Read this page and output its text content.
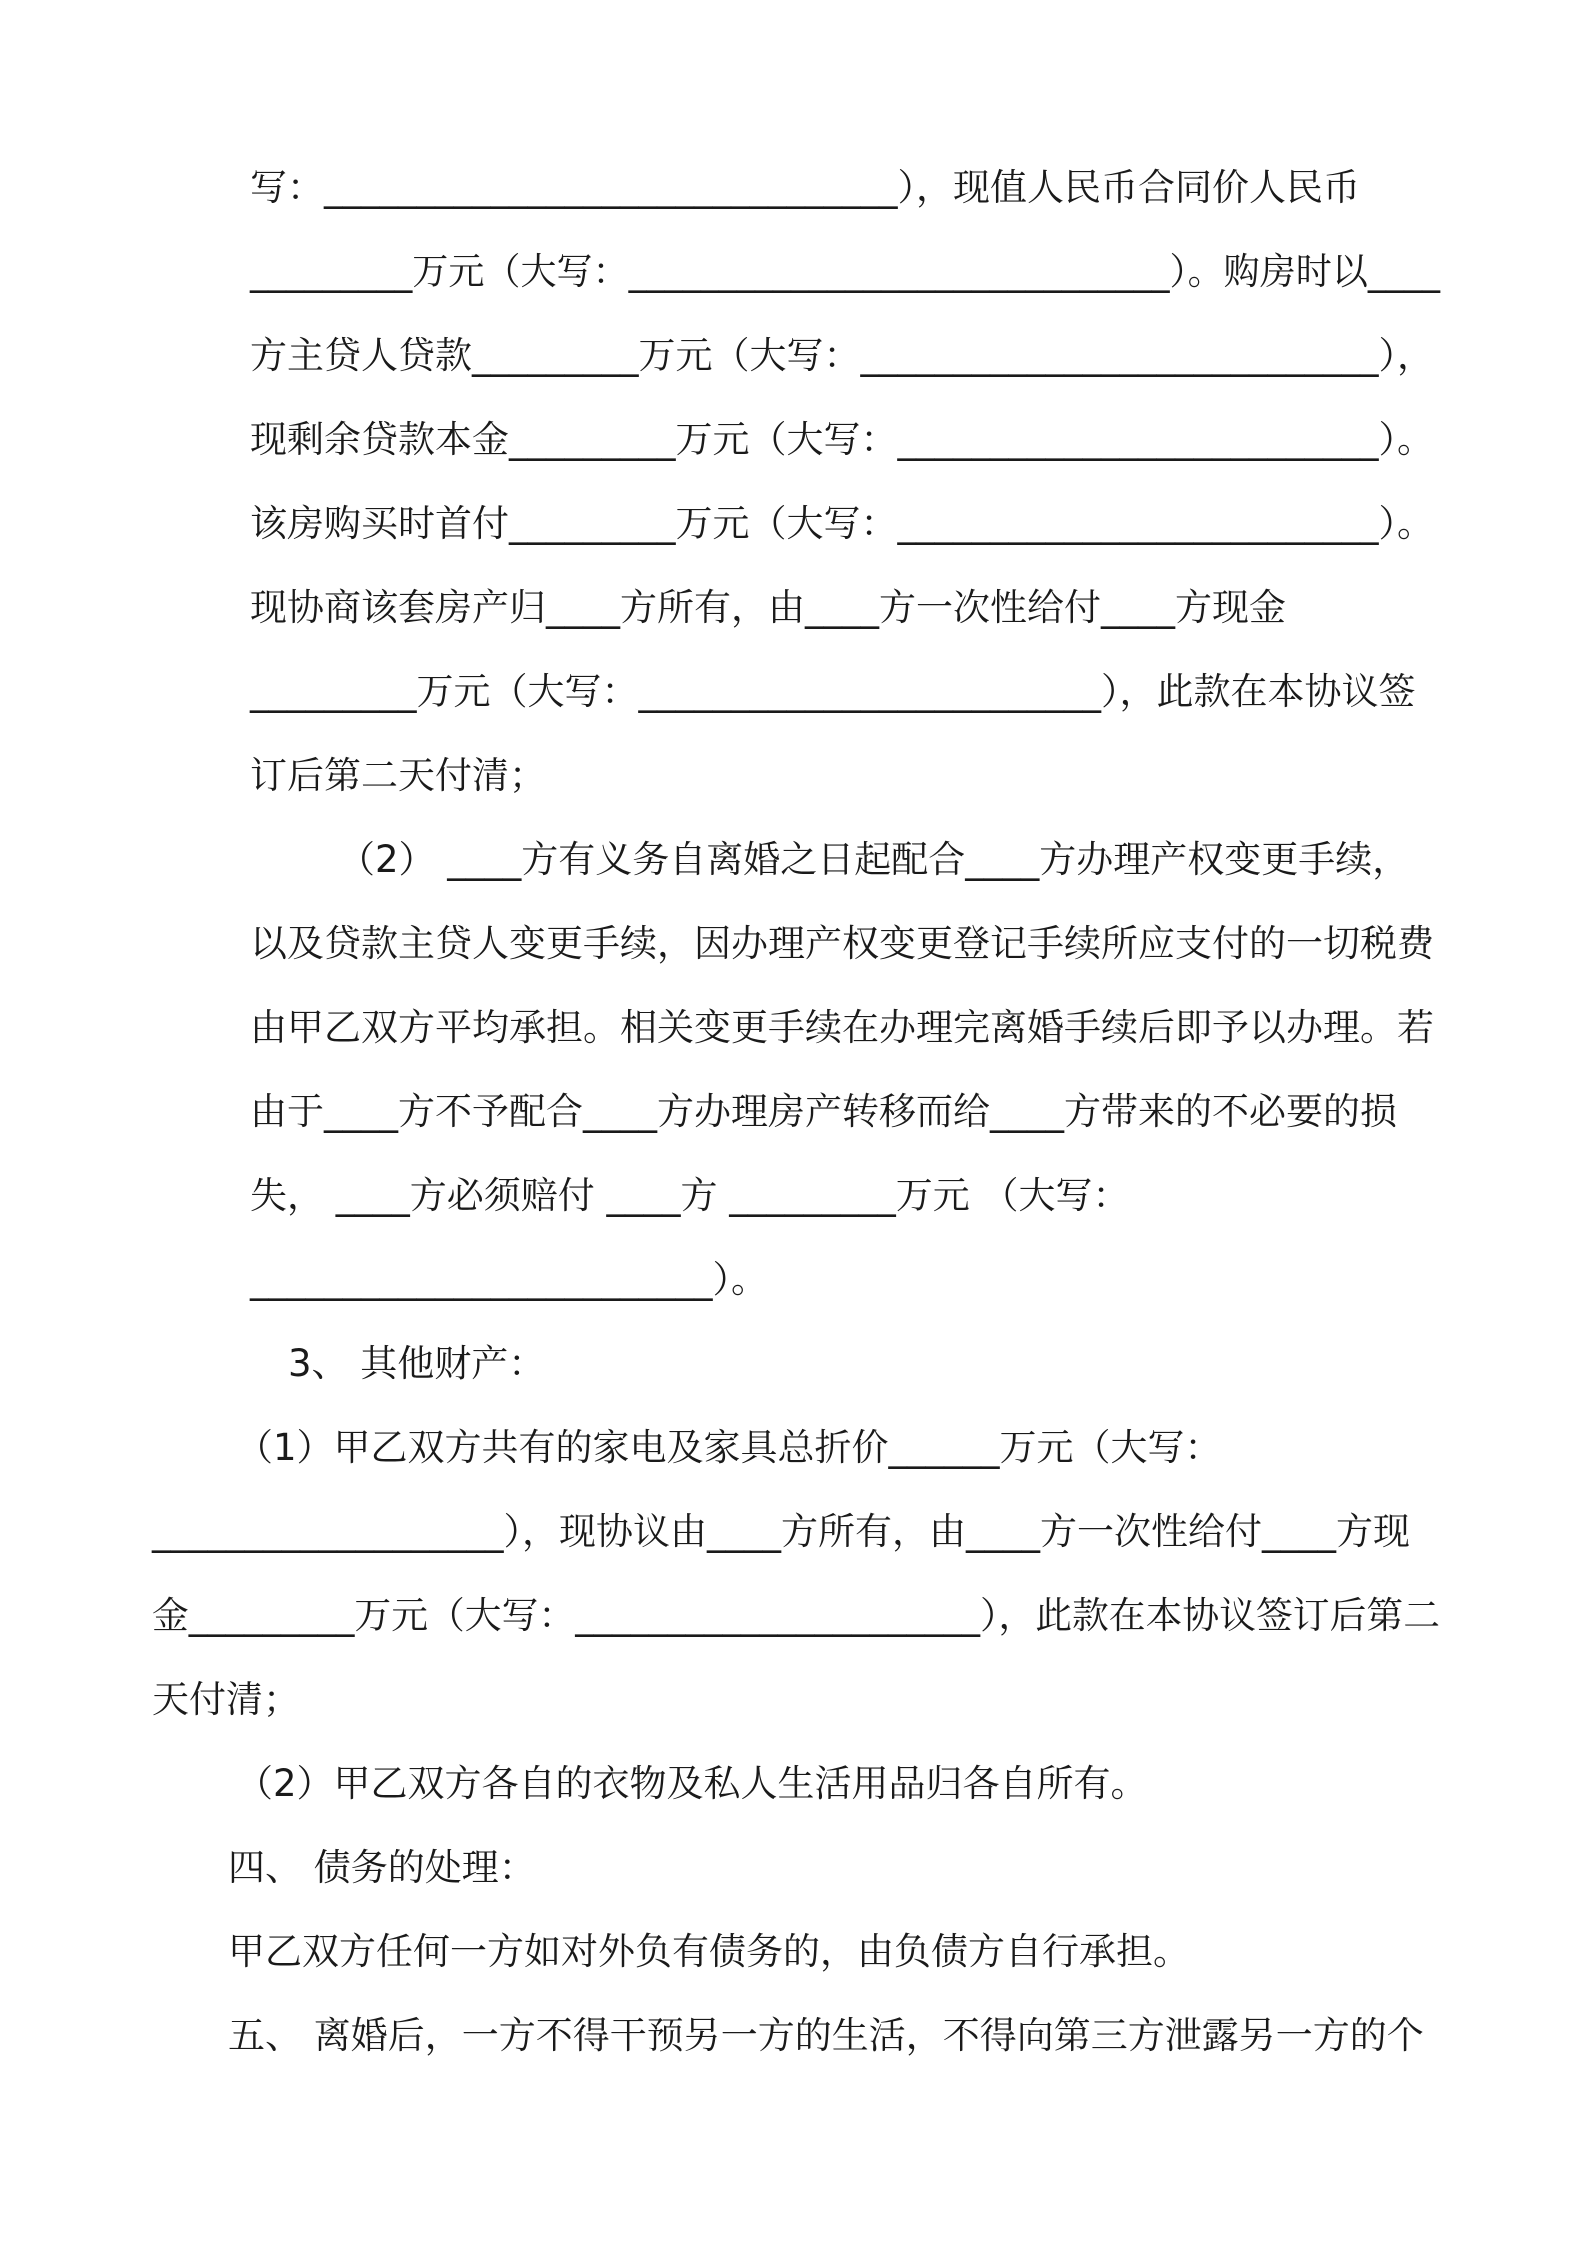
写：_______________________________），现值人民币合同价人民币
_________万元（大写：______________________________）。购房时以____
方主贷人贷款_________万元（大写：____________________________），
现剩余贷款本金_________万元（大写：__________________________）。
该房购买时首付_________万元（大写：__________________________）。
现协商该套房产归____方所有，由____方一次性给付____方现金
_________万元（大写：_________________________），此款在本协议签
订后第二天付清；
（2） ____方有义务自离婚之日起配合____方办理产权变更手续，
以及贷款主贷人变更手续，因办理产权变更登记手续所应支付的一切税费
由甲乙双方平均承担。相关变更手续在办理完离婚手续后即予以办理。若
由于____方不予配合____方办理房产转移而给____方带来的不必要的损
失， ____方必须赔付 ____方 _________万元 （大写：
_________________________）。
3、 其他财产：
（1）甲乙双方共有的家电及家具总折价______万元（大写：
___________________），现协议由____方所有，由____方一次性给付____方现
金_________万元（大写：______________________），此款在本协议签订后第二
天付清；
（2）甲乙双方各自的衣物及私人生活用品归各自所有。
四、 债务的处理：
甲乙双方任何一方如对外负有债务的，由负债方自行承担。
五、 离婚后，一方不得干预另一方的生活，不得向第三方泄露另一方的个
